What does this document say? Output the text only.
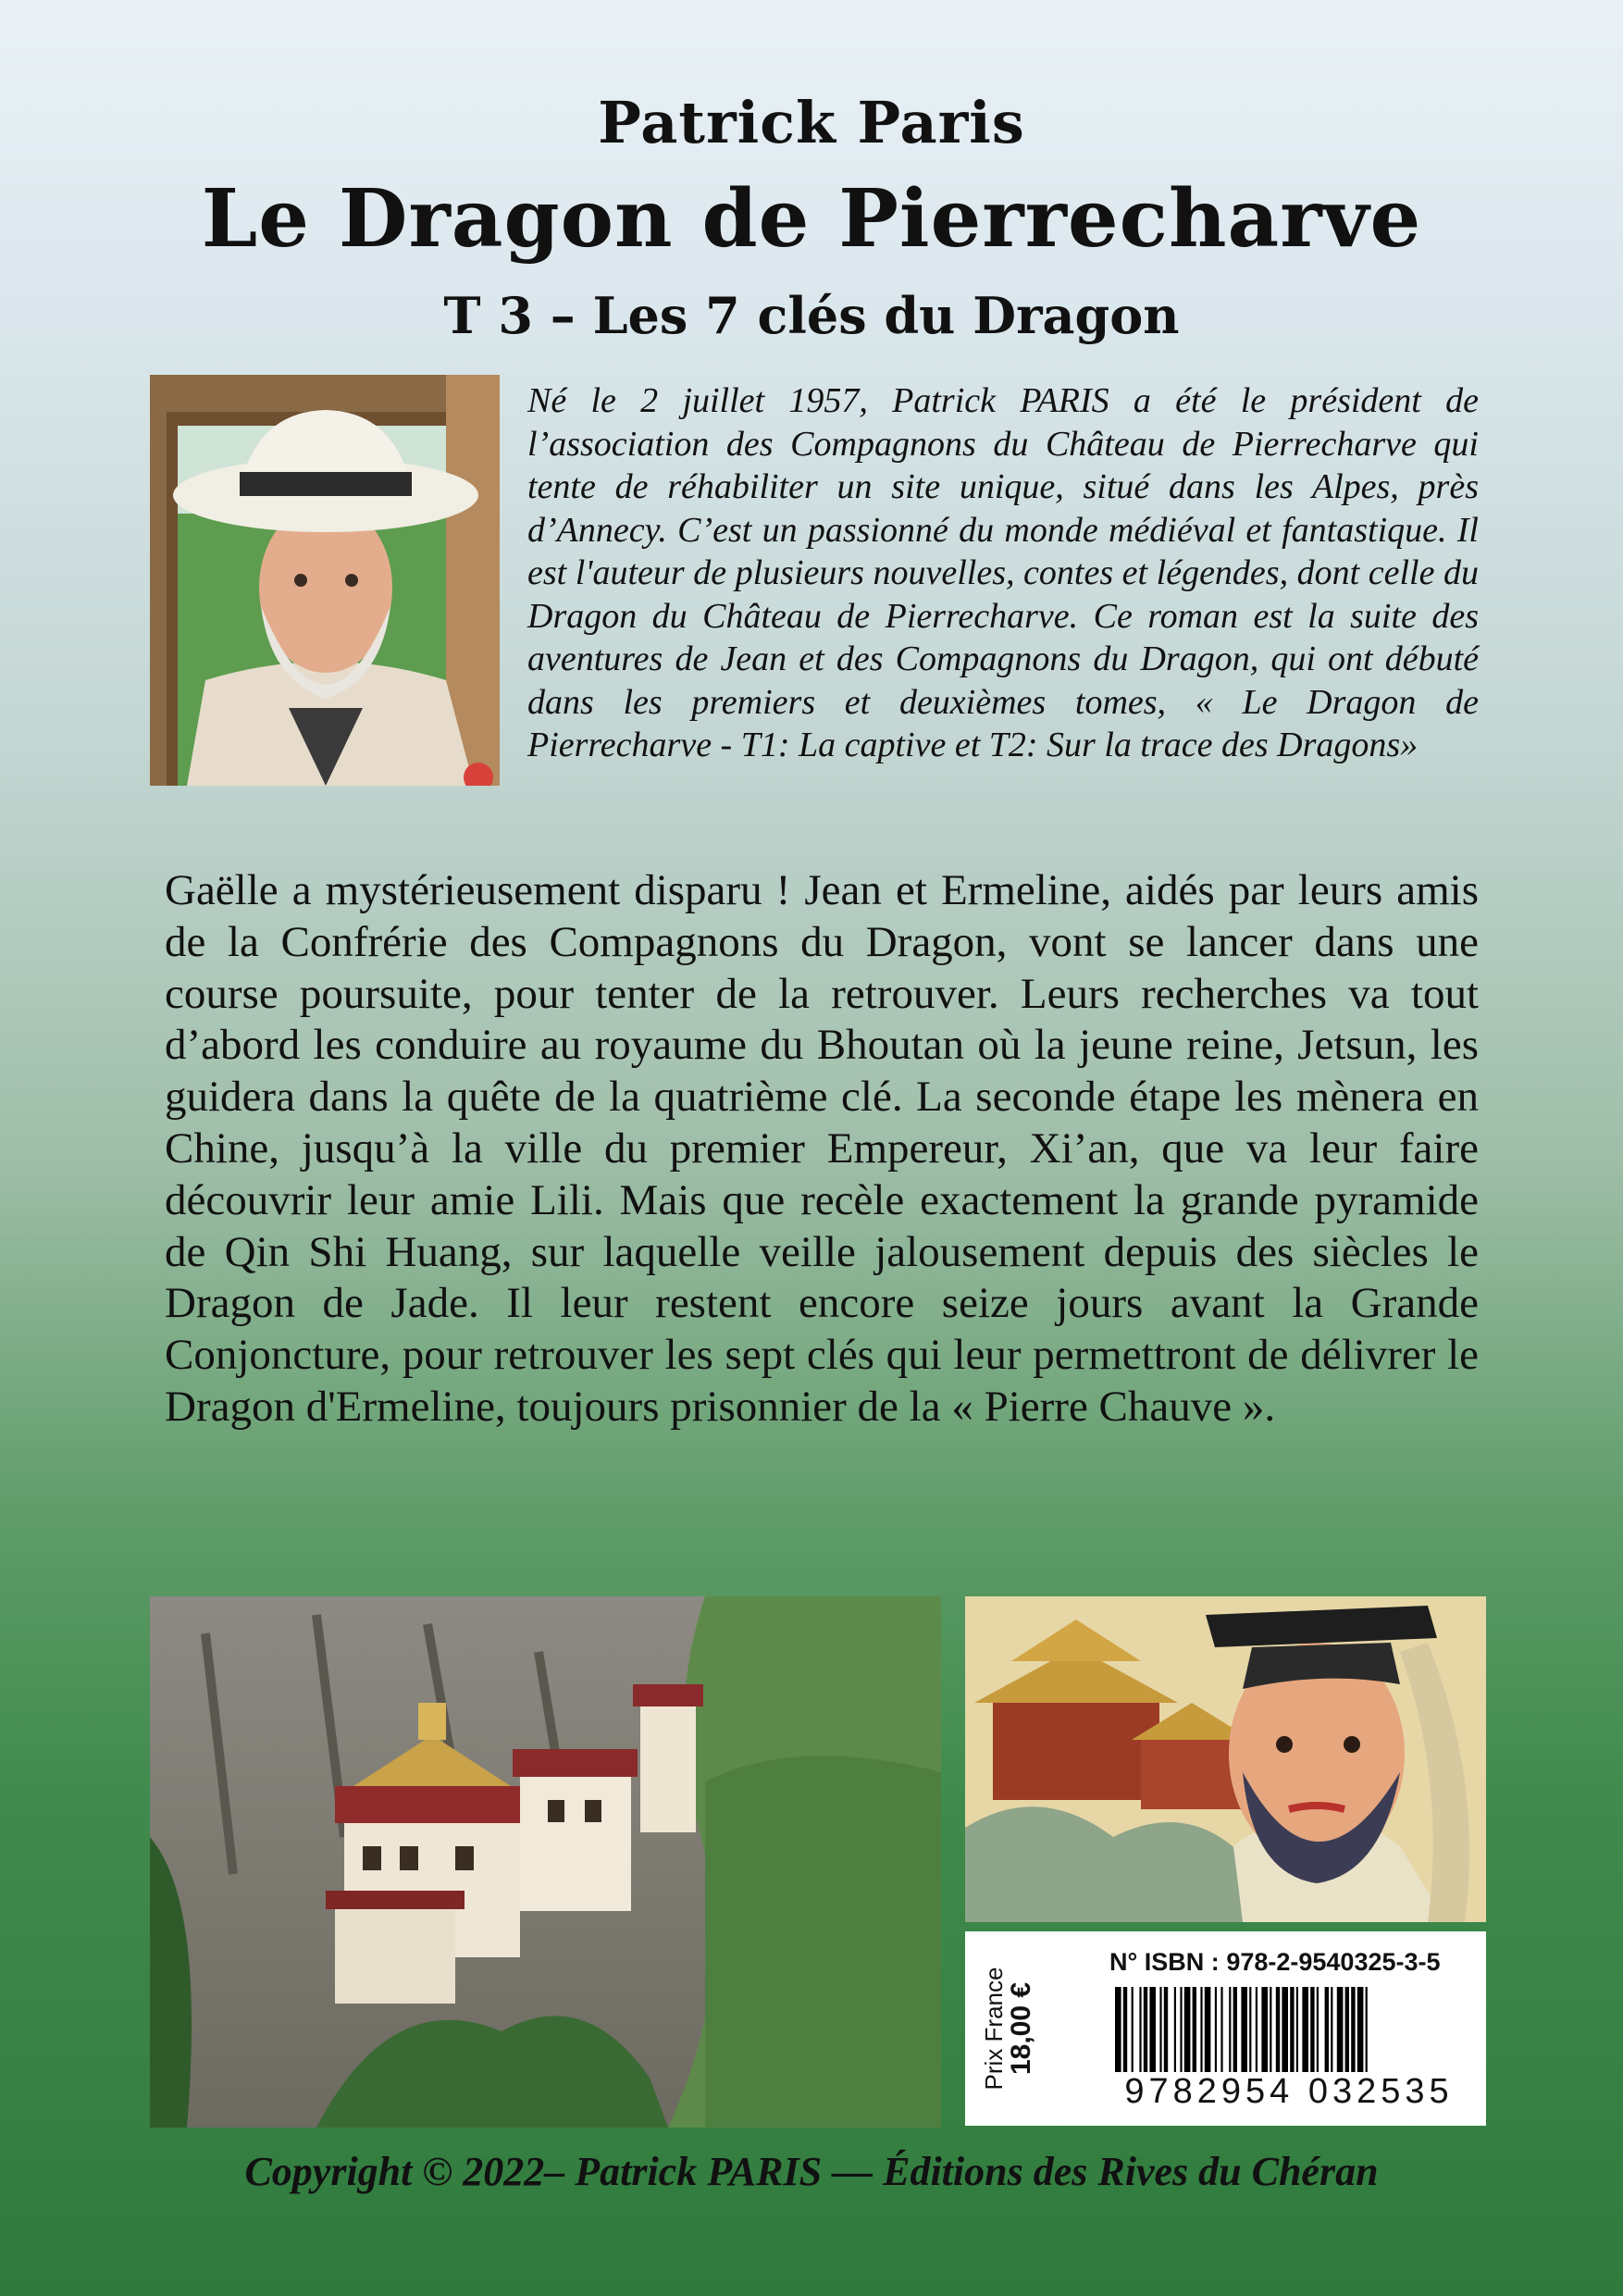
Patrick Paris
Le Dragon de Pierrecharve
T 3 – Les 7 clés du Dragon
Né le 2 juillet 1957, Patrick PARIS a été le président de l’association des Compagnons du Château de Pierrecharve qui tente de réhabiliter un site unique, situé dans les Alpes, près d’Annecy. C’est un passionné du monde médiéval et fantastique. Il est l'auteur de plusieurs nouvelles, contes et légendes, dont celle du Dragon du Château de Pierrecharve. Ce roman est la suite des aventures de Jean et des Compagnons du Dragon, qui ont débuté dans les premiers et deuxièmes tomes, « Le Dragon de Pierrecharve - T1: La captive et T2: Sur la trace des Dragons»
Gaëlle a mystérieusement disparu ! Jean et Ermeline, aidés par leurs amis de la Confrérie des Compagnons du Dragon, vont se lancer dans une course poursuite, pour tenter de la retrouver. Leurs recherches va tout d’abord les conduire au royaume du Bhoutan où la jeune reine, Jetsun, les guidera dans la quête de la quatrième clé. La seconde étape les mènera en Chine, jusqu’à la ville du premier Empereur, Xi’an, que va leur faire découvrir leur amie Lili. Mais que recèle exactement la grande pyramide de Qin Shi Huang, sur laquelle veille jalousement depuis des siècles le Dragon de Jade. Il leur restent encore seize jours avant la Grande Conjoncture, pour retrouver les sept clés qui leur permettront de délivrer le Dragon d'Ermeline, toujours prisonnier de la « Pierre Chauve ».
Prix France
18,00 €
N° ISBN : 978-2-9540325-3-5
9782954 032535
Copyright © 2022– Patrick PARIS — Éditions des Rives du Chéran
